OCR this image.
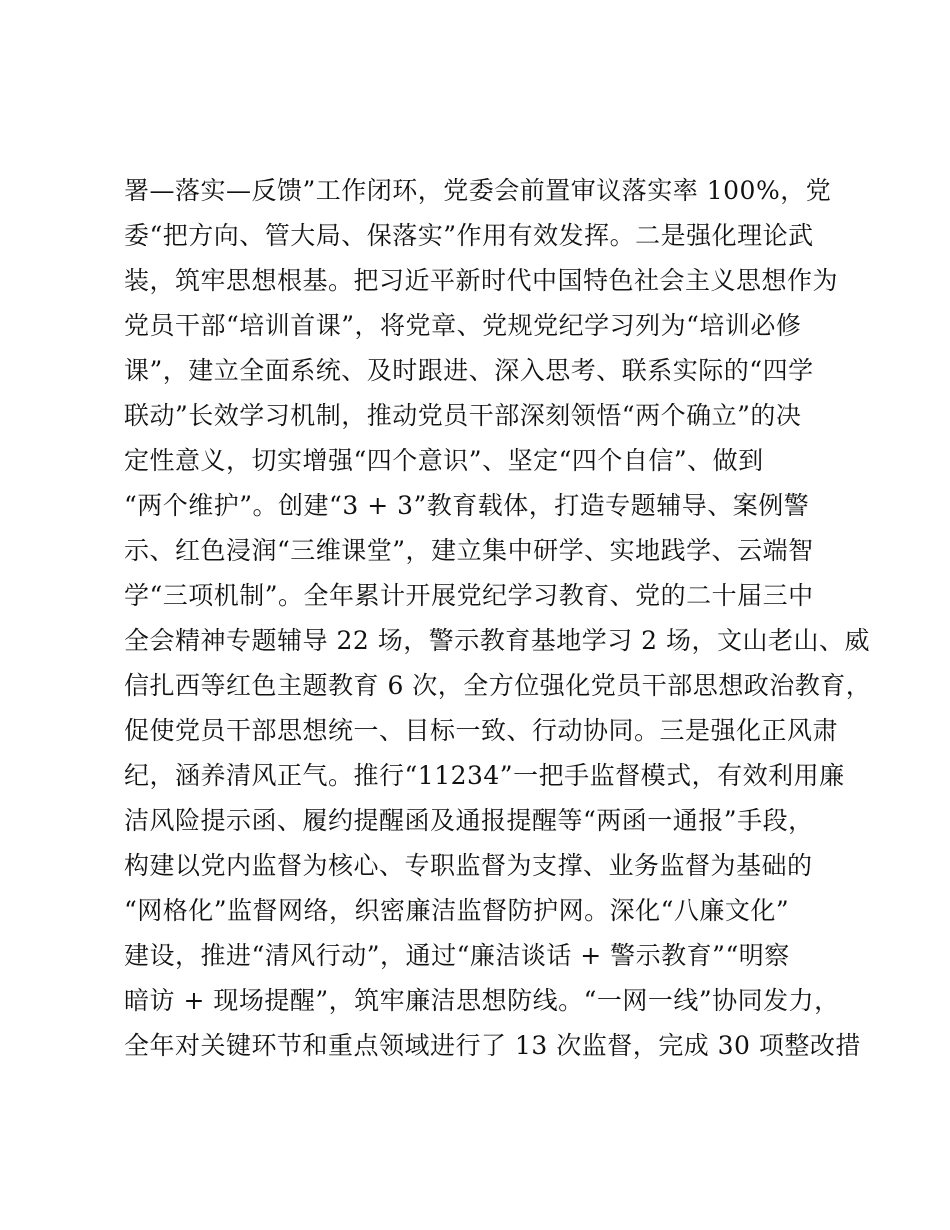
署—落实—反馈”工作闭环，党委会前置审议落实率 100%，党
委“把方向、管大局、保落实”作用有效发挥。二是强化理论武
装，筑牢思想根基。把习近平新时代中国特色社会主义思想作为
党员干部“培训首课”，将党章、党规党纪学习列为“培训必修
课”，建立全面系统、及时跟进、深入思考、联系实际的“四学
联动”长效学习机制，推动党员干部深刻领悟“两个确立”的决
定性意义，切实增强“四个意识”、坚定“四个自信”、做到
“两个维护”。创建“3 + 3”教育载体，打造专题辅导、案例警
示、红色浸润“三维课堂”，建立集中研学、实地践学、云端智
学“三项机制”。全年累计开展党纪学习教育、党的二十届三中
全会精神专题辅导 22 场，警示教育基地学习 2 场，文山老山、威
信扎西等红色主题教育 6 次，全方位强化党员干部思想政治教育，
促使党员干部思想统一、目标一致、行动协同。三是强化正风肃
纪，涵养清风正气。推行“11234”一把手监督模式，有效利用廉
洁风险提示函、履约提醒函及通报提醒等“两函一通报”手段，
构建以党内监督为核心、专职监督为支撑、业务监督为基础的
“网格化”监督网络，织密廉洁监督防护网。深化“八廉文化”
建设，推进“清风行动”，通过“廉洁谈话 + 警示教育”“明察
暗访 + 现场提醒”，筑牢廉洁思想防线。“一网一线”协同发力，
全年对关键环节和重点领域进行了 13 次监督，完成 30 项整改措
